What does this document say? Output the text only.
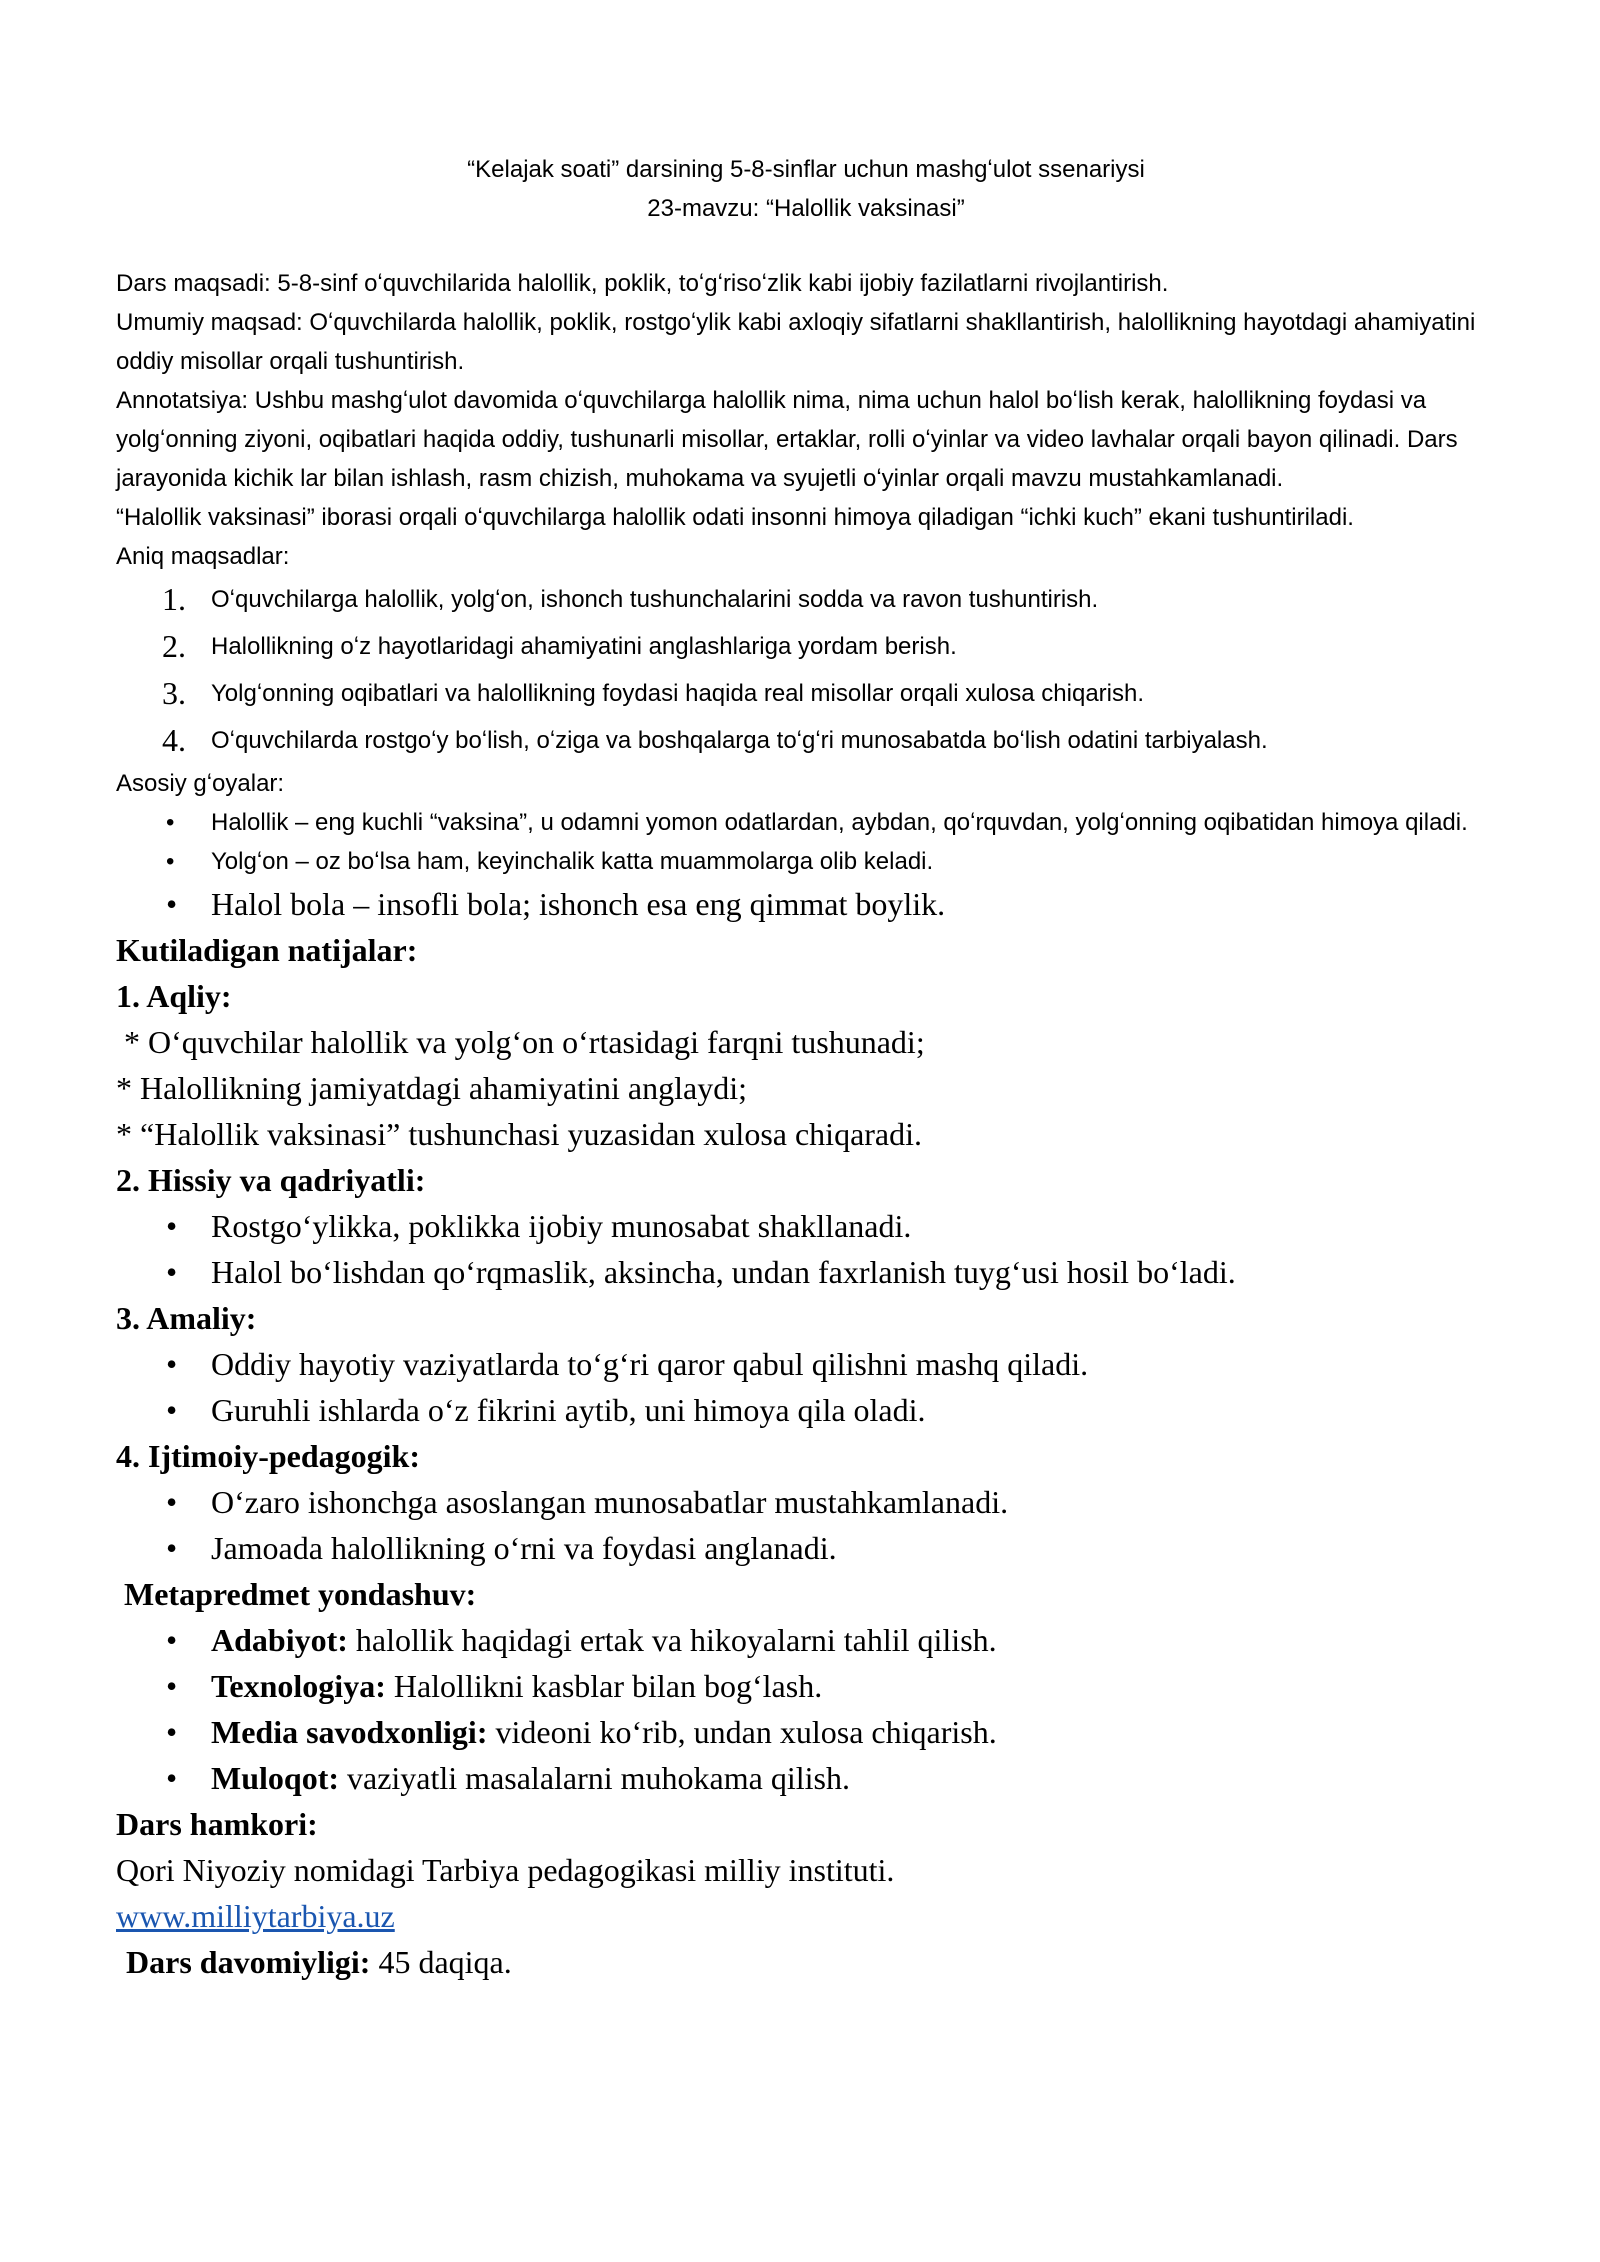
“Kelajak soati” darsining 5-8-sinflar uchun mashgʻulot ssenariysi

23-mavzu: “Halollik vaksinasi”

Dars maqsadi: 5-8-sinf oʻquvchilarida halollik, poklik, toʻgʻrisoʻzlik kabi ijobiy fazilatlarni rivojlantirish.

Umumiy maqsad: Oʻquvchilarda halollik, poklik, rostgoʻylik kabi axloqiy sifatlarni shakllantirish, halollikning hayotdagi ahamiyatini oddiy misollar orqali tushuntirish.

Annotatsiya: Ushbu mashgʻulot davomida oʻquvchilarga halollik nima, nima uchun halol boʻlish kerak, halollikning foydasi va yolgʻonning ziyoni, oqibatlari haqida oddiy, tushunarli misollar, ertaklar, rolli oʻyinlar va video lavhalar orqali bayon qilinadi. Dars jarayonida kichik lar bilan ishlash, rasm chizish, muhokama va syujetli oʻyinlar orqali mavzu mustahkamlanadi.

“Halollik vaksinasi” iborasi orqali oʻquvchilarga halollik odati insonni himoya qiladigan “ichki kuch” ekani tushuntiriladi.

Aniq maqsadlar:

1. Oʻquvchilarga halollik, yolgʻon, ishonch tushunchalarini sodda va ravon tushuntirish.
2. Halollikning oʻz hayotlaridagi ahamiyatini anglashlariga yordam berish.
3. Yolgʻonning oqibatlari va halollikning foydasi haqida real misollar orqali xulosa chiqarish.
4. Oʻquvchilarda rostgoʻy boʻlish, oʻziga va boshqalarga toʻgʻri munosabatda boʻlish odatini tarbiyalash.

Asosiy gʻoyalar:

• Halollik – eng kuchli “vaksina”, u odamni yomon odatlardan, aybdan, qoʻrquvdan, yolgʻonning oqibatidan himoya qiladi.
• Yolgʻon – oz boʻlsa ham, keyinchalik katta muammolarga olib keladi.
• Halol bola – insofli bola; ishonch esa eng qimmat boylik.

Kutiladigan natijalar:

1. Aqliy:

* Oʻquvchilar halollik va yolgʻon oʻrtasidagi farqni tushunadi;

* Halollikning jamiyatdagi ahamiyatini anglaydi;

* “Halollik vaksinasi” tushunchasi yuzasidan xulosa chiqaradi.

2. Hissiy va qadriyatli:

• Rostgoʻylikka, poklikka ijobiy munosabat shakllanadi.
• Halol boʻlishdan qoʻrqmaslik, aksincha, undan faxrlanish tuygʻusi hosil boʻladi.

3. Amaliy:

• Oddiy hayotiy vaziyatlarda toʻgʻri qaror qabul qilishni mashq qiladi.
• Guruhli ishlarda oʻz fikrini aytib, uni himoya qila oladi.

4. Ijtimoiy-pedagogik:

• Oʻzaro ishonchga asoslangan munosabatlar mustahkamlanadi.
• Jamoada halollikning oʻrni va foydasi anglanadi.

Metapredmet yondashuv:

• Adabiyot: halollik haqidagi ertak va hikoyalarni tahlil qilish.
• Texnologiya: Halollikni kasblar bilan bogʻlash.
• Media savodxonligi: videoni koʻrib, undan xulosa chiqarish.
• Muloqot: vaziyatli masalalarni muhokama qilish.

Dars hamkori:

Qori Niyoziy nomidagi Tarbiya pedagogikasi milliy instituti.

www.milliytarbiya.uz

Dars davomiyligi: 45 daqiqa.
